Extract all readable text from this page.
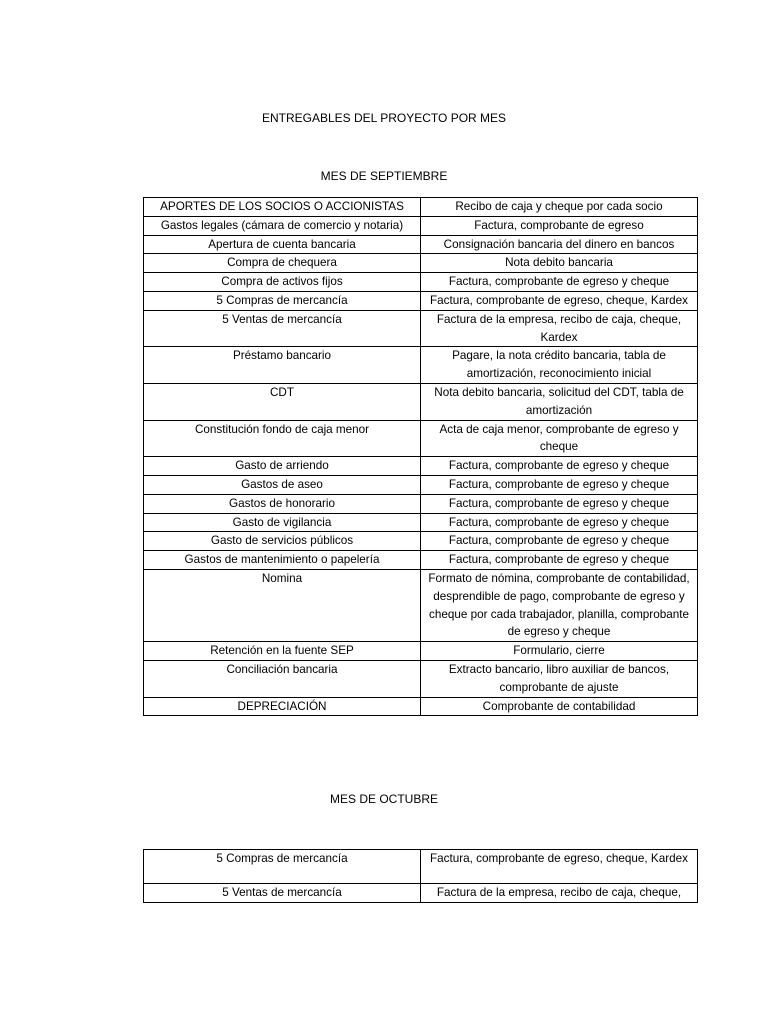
ENTREGABLES DEL PROYECTO POR MES
MES DE SEPTIEMBRE
APORTES DE LOS SOCIOS O ACCIONISTAS	Recibo de caja y cheque por cada socio
Gastos legales (cámara de comercio y notaria)	Factura, comprobante de egreso
Apertura de cuenta bancaria	Consignación bancaria del dinero en bancos
Compra de chequera	Nota debito bancaria
Compra de activos fijos	Factura, comprobante de egreso y cheque
5 Compras de mercancía	Factura, comprobante de egreso, cheque, Kardex
5 Ventas de mercancía	Factura de la empresa, recibo de caja, cheque, Kardex
Préstamo bancario	Pagare, la nota crédito bancaria, tabla de amortización, reconocimiento inicial
CDT	Nota debito bancaria, solicitud del CDT, tabla de amortización
Constitución fondo de caja menor	Acta de caja menor, comprobante de egreso y cheque
Gasto de arriendo	Factura, comprobante de egreso y cheque
Gastos de aseo	Factura, comprobante de egreso y cheque
Gastos de honorario	Factura, comprobante de egreso y cheque
Gasto de vigilancia	Factura, comprobante de egreso y cheque
Gasto de servicios públicos	Factura, comprobante de egreso y cheque
Gastos de mantenimiento o papelería	Factura, comprobante de egreso y cheque
Nomina	Formato de nómina, comprobante de contabilidad, desprendible de pago, comprobante de egreso y cheque por cada trabajador, planilla, comprobante de egreso y cheque
Retención en la fuente SEP	Formulario, cierre
Conciliación bancaria	Extracto bancario, libro auxiliar de bancos, comprobante de ajuste
DEPRECIACIÓN	Comprobante de contabilidad
MES DE OCTUBRE
5 Compras de mercancía	Factura, comprobante de egreso, cheque, Kardex
5 Ventas de mercancía	Factura de la empresa, recibo de caja, cheque,
